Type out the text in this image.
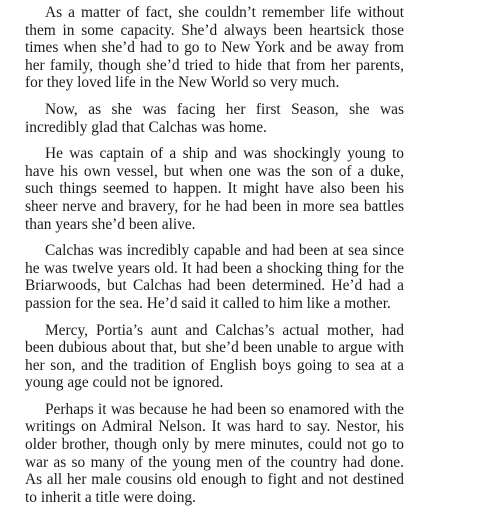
As a matter of fact, she couldn’t remember life without them in some capacity. She’d always been heartsick those times when she’d had to go to New York and be away from her family, though she’d tried to hide that from her parents, for they loved life in the New World so very much.

Now, as she was facing her first Season, she was incredibly glad that Calchas was home.

He was captain of a ship and was shockingly young to have his own vessel, but when one was the son of a duke, such things seemed to happen. It might have also been his sheer nerve and bravery, for he had been in more sea battles than years she’d been alive.

Calchas was incredibly capable and had been at sea since he was twelve years old. It had been a shocking thing for the Briarwoods, but Calchas had been determined. He’d had a passion for the sea. He’d said it called to him like a mother.

Mercy, Portia’s aunt and Calchas’s actual mother, had been dubious about that, but she’d been unable to argue with her son, and the tradition of English boys going to sea at a young age could not be ignored.

Perhaps it was because he had been so enamored with the writings on Admiral Nelson. It was hard to say. Nestor, his older brother, though only by mere minutes, could not go to war as so many of the young men of the country had done. As all her male cousins old enough to fight and not destined to inherit a title were doing.
